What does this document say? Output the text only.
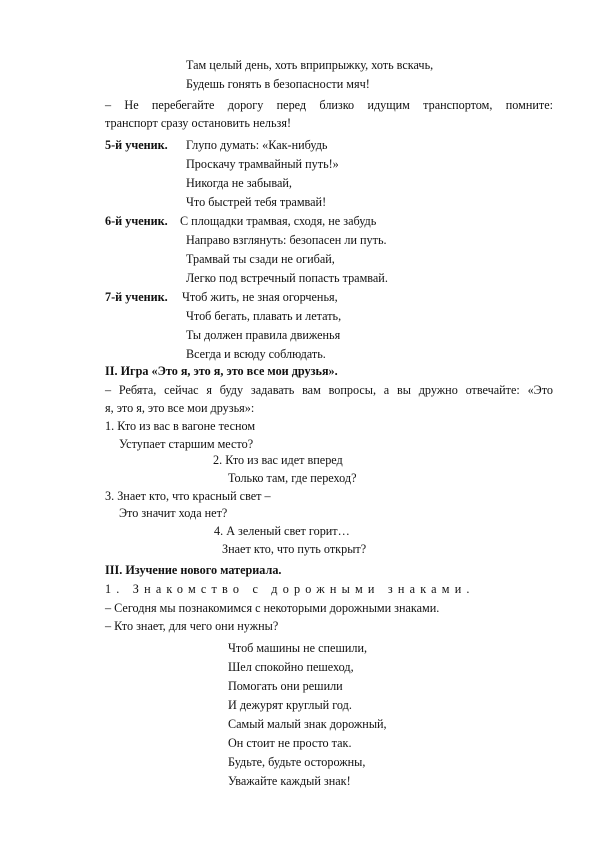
Там целый день, хоть вприпрыжку, хоть вскачь,
Будешь гонять в безопасности мяч!
– Не перебегайте дорогу перед близко идущим транспортом, помните:
транспорт сразу остановить нельзя!
5-й ученик. Глупо думать: «Как-нибудь
Проскачу трамвайный путь!»
Никогда не забывай,
Что быстрей тебя трамвай!
6-й ученик. С площадки трамвая, сходя, не забудь
Направо взглянуть: безопасен ли путь.
Трамвай ты сзади не огибай,
Легко под встречный попасть трамвай.
7-й ученик. Чтоб жить, не зная огорченья,
Чтоб бегать, плавать и летать,
Ты должен правила движенья
Всегда и всюду соблюдать.
II. Игра «Это я, это я, это все мои друзья».
– Ребята, сейчас я буду задавать вам вопросы, а вы дружно отвечайте: «Это
я, это я, это все мои друзья»:
1. Кто из вас в вагоне тесном
Уступает старшим место?
2. Кто из вас идет вперед
Только там, где переход?
3. Знает кто, что красный свет –
Это значит хода нет?
4. А зеленый свет горит…
Знает кто, что путь открыт?
III. Изучение нового материала.
1. Знакомство с дорожными знаками.
– Сегодня мы познакомимся с некоторыми дорожными знаками.
– Кто знает, для чего они нужны?
Чтоб машины не спешили,
Шел спокойно пешеход,
Помогать они решили
И дежурят круглый год.
Самый малый знак дорожный,
Он стоит не просто так.
Будьте, будьте осторожны,
Уважайте каждый знак!
